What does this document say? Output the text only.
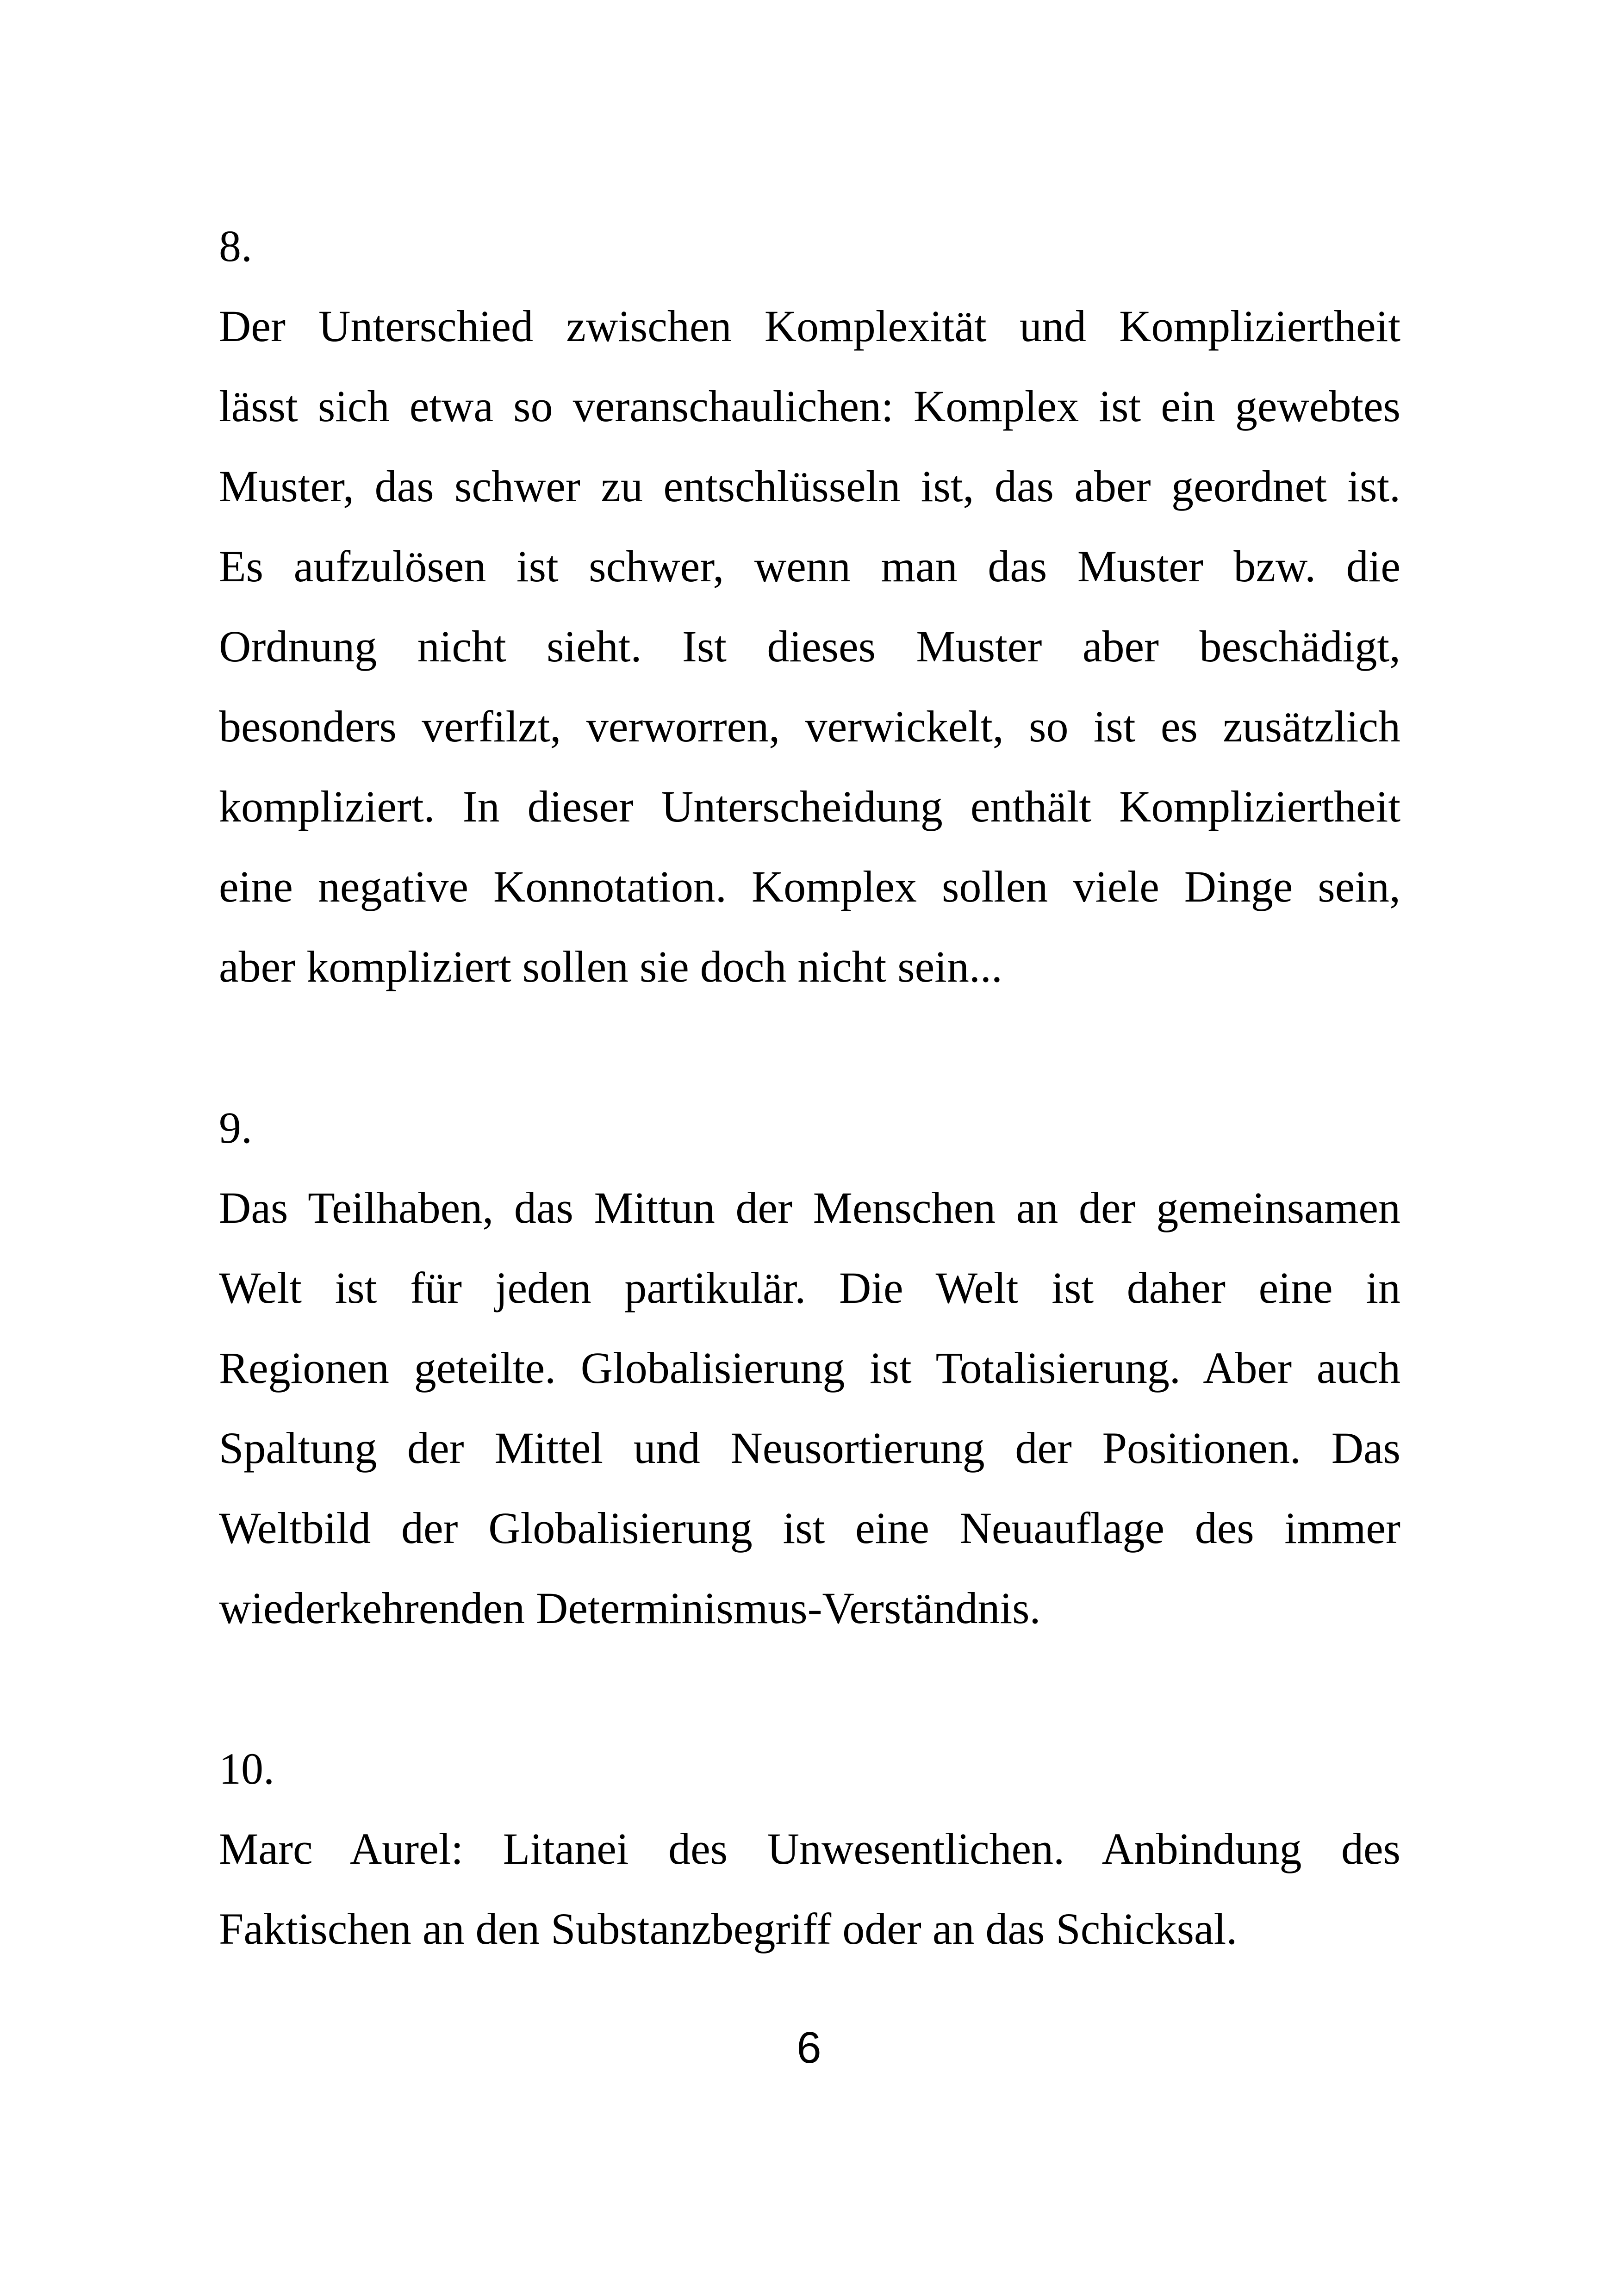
8.
Der Unterschied zwischen Komplexität und Kompliziertheit
lässt sich etwa so veranschaulichen: Komplex ist ein gewebtes
Muster, das schwer zu entschlüsseln ist, das aber geordnet ist.
Es aufzulösen ist schwer, wenn man das Muster bzw. die
Ordnung nicht sieht. Ist dieses Muster aber beschädigt,
besonders verfilzt, verworren, verwickelt, so ist es zusätzlich
kompliziert. In dieser Unterscheidung enthält Kompliziertheit
eine negative Konnotation. Komplex sollen viele Dinge sein,
aber kompliziert sollen sie doch nicht sein...
9.
Das Teilhaben, das Mittun der Menschen an der gemeinsamen
Welt ist für jeden partikulär. Die Welt ist daher eine in
Regionen geteilte. Globalisierung ist Totalisierung. Aber auch
Spaltung der Mittel und Neusortierung der Positionen. Das
Weltbild der Globalisierung ist eine Neuauflage des immer
wiederkehrenden Determinismus-Verständnis.
10.
Marc Aurel: Litanei des Unwesentlichen. Anbindung des
Faktischen an den Substanzbegriff oder an das Schicksal.
6
